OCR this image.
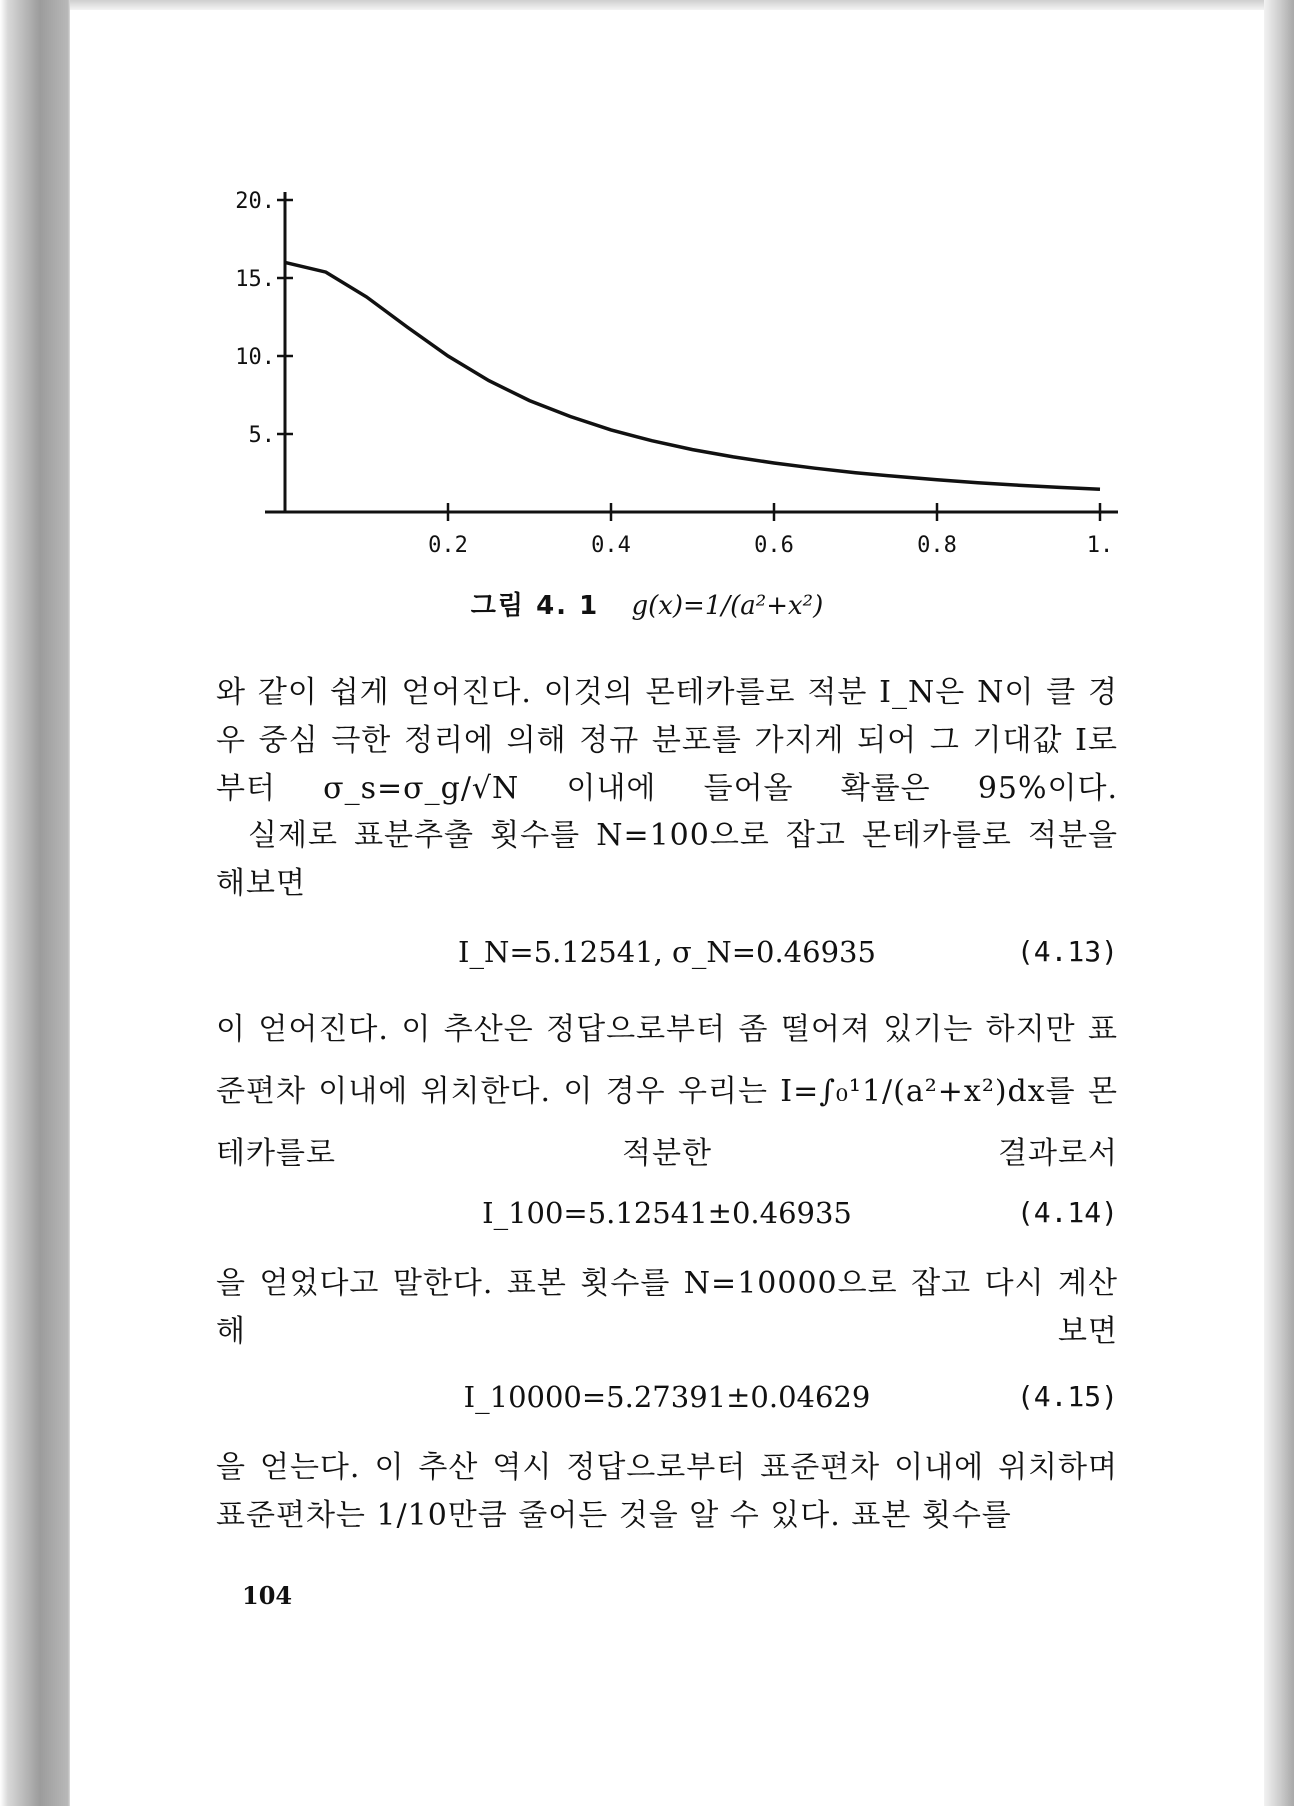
0.2	0.4	0.6	0.8	1.
20.
15.
10.
5.
그림 4. 1 g(x)=1/(a²+x²)
와 같이 쉽게 얻어진다. 이것의 몬테카를로 적분 I_N은 N이 클 경우 중심 극한 정리에 의해 정규 분포를 가지게 되어 그 기대값 I로부터 σ_s=σ_g/√N 이내에 들어올 확률은 95%이다.
실제로 표분추출 횟수를 N=100으로 잡고 몬테카를로 적분을 해보면
I_N=5.12541, σ_N=0.46935	(4.13)
이 얻어진다. 이 추산은 정답으로부터 좀 떨어져 있기는 하지만 표준편차 이내에 위치한다. 이 경우 우리는 I=∫₀¹1/(a²+x²)dx를 몬테카를로 적분한 결과로서
I_100=5.12541±0.46935	(4.14)
을 얻었다고 말한다. 표본 횟수를 N=10000으로 잡고 다시 계산해 보면
I_10000=5.27391±0.04629	(4.15)
을 얻는다. 이 추산 역시 정답으로부터 표준편차 이내에 위치하며 표준편차는 1/10만큼 줄어든 것을 알 수 있다. 표본 횟수를
104
